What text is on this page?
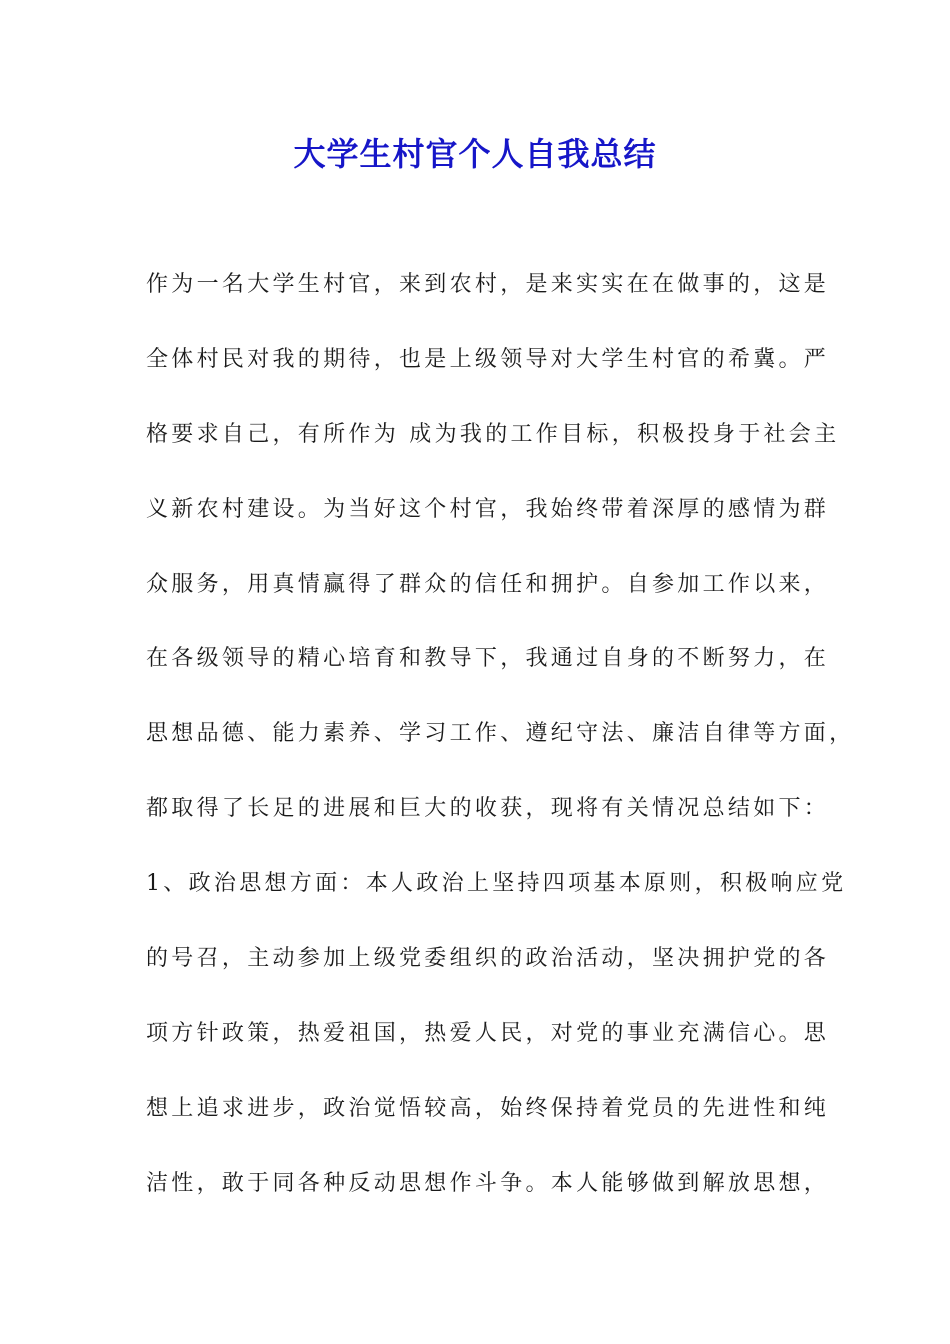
大学生村官个人自我总结
作为一名大学生村官，来到农村，是来实实在在做事的，这是
全体村民对我的期待，也是上级领导对大学生村官的希冀。严
格要求自己，有所作为 成为我的工作目标，积极投身于社会主
义新农村建设。为当好这个村官，我始终带着深厚的感情为群
众服务，用真情赢得了群众的信任和拥护。自参加工作以来，
在各级领导的精心培育和教导下，我通过自身的不断努力，在
思想品德、能力素养、学习工作、遵纪守法、廉洁自律等方面，
都取得了长足的进展和巨大的收获，现将有关情况总结如下：
1、政治思想方面：本人政治上坚持四项基本原则，积极响应党
的号召，主动参加上级党委组织的政治活动，坚决拥护党的各
项方针政策，热爱祖国，热爱人民，对党的事业充满信心。思
想上追求进步，政治觉悟较高，始终保持着党员的先进性和纯
洁性，敢于同各种反动思想作斗争。本人能够做到解放思想，
